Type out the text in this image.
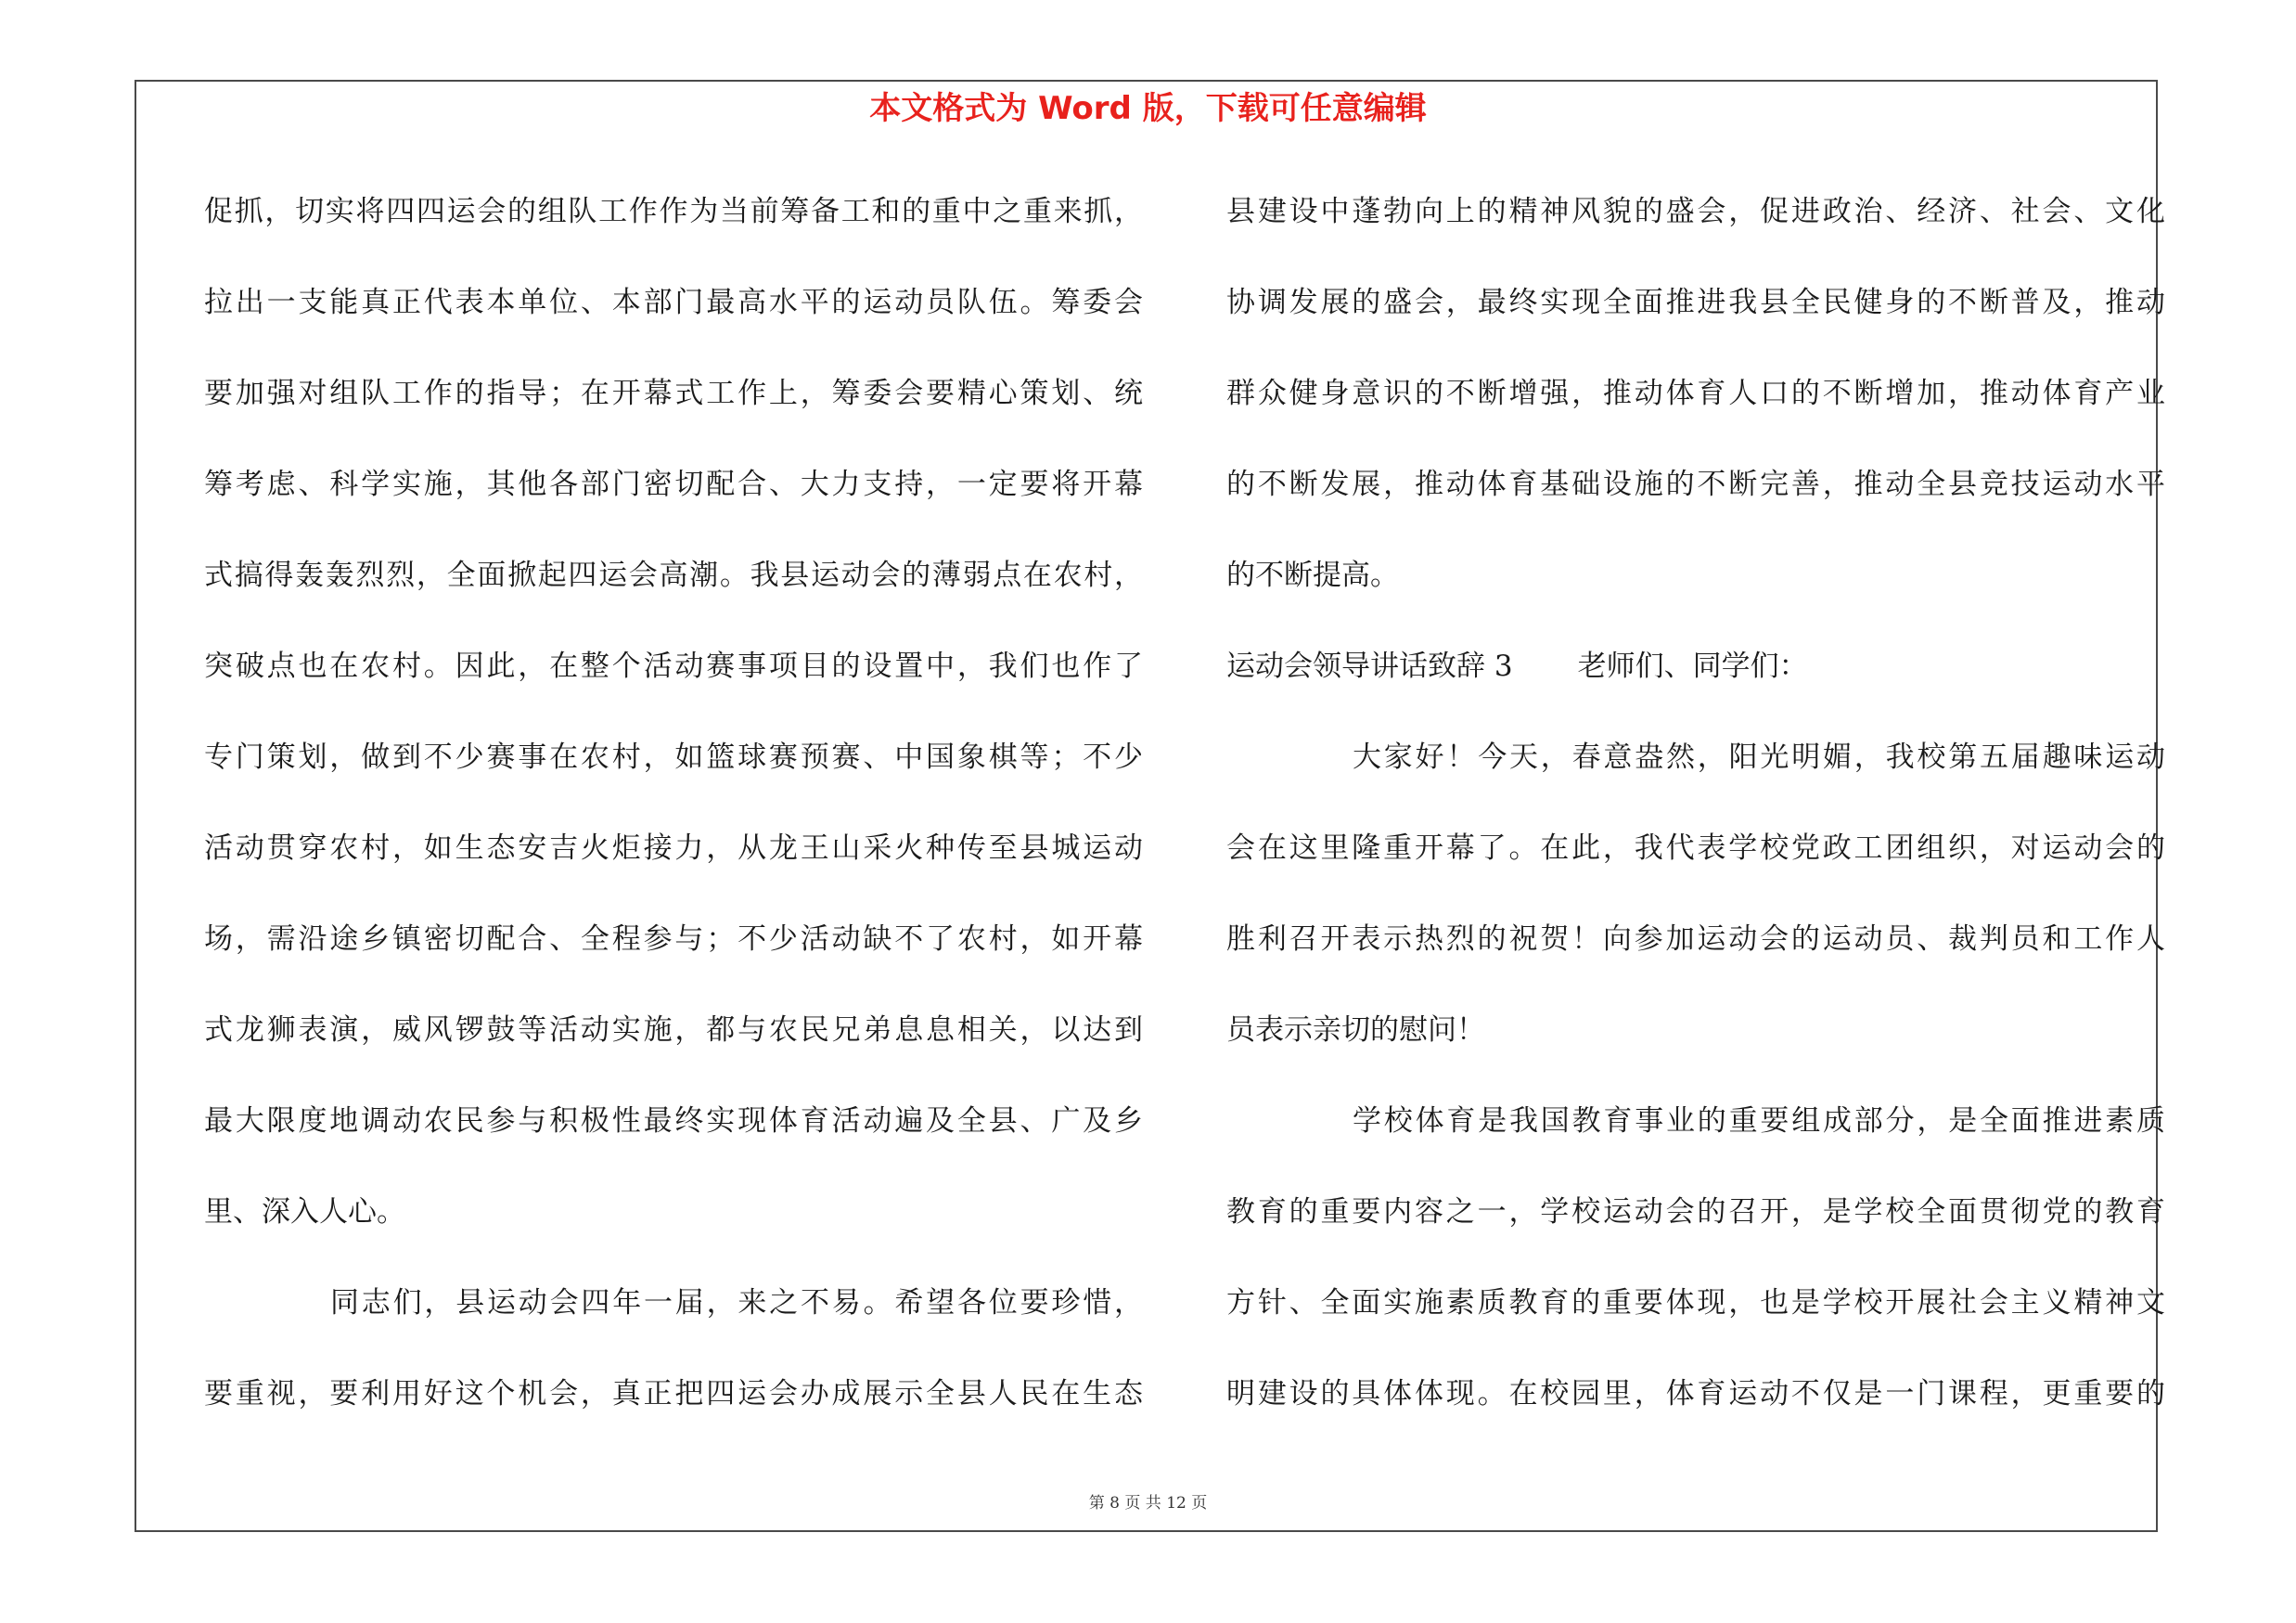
本文格式为 Word 版，下载可任意编辑
促抓，切实将四四运会的组队工作作为当前筹备工和的重中之重来抓，
拉出一支能真正代表本单位、本部门最高水平的运动员队伍。筹委会
要加强对组队工作的指导；在开幕式工作上，筹委会要精心策划、统
筹考虑、科学实施，其他各部门密切配合、大力支持，一定要将开幕
式搞得轰轰烈烈，全面掀起四运会高潮。我县运动会的薄弱点在农村，
突破点也在农村。因此，在整个活动赛事项目的设置中，我们也作了
专门策划，做到不少赛事在农村，如篮球赛预赛、中国象棋等；不少
活动贯穿农村，如生态安吉火炬接力，从龙王山采火种传至县城运动
场，需沿途乡镇密切配合、全程参与；不少活动缺不了农村，如开幕
式龙狮表演，威风锣鼓等活动实施，都与农民兄弟息息相关，以达到
最大限度地调动农民参与积极性最终实现体育活动遍及全县、广及乡
里、深入人心。
同志们，县运动会四年一届，来之不易。希望各位要珍惜，
要重视，要利用好这个机会，真正把四运会办成展示全县人民在生态
县建设中蓬勃向上的精神风貌的盛会，促进政治、经济、社会、文化
协调发展的盛会，最终实现全面推进我县全民健身的不断普及，推动
群众健身意识的不断增强，推动体育人口的不断增加，推动体育产业
的不断发展，推动体育基础设施的不断完善，推动全县竞技运动水平
的不断提高。
运动会领导讲话致辞 3 老师们、同学们：
大家好！今天，春意盎然，阳光明媚，我校第五届趣味运动
会在这里隆重开幕了。在此，我代表学校党政工团组织，对运动会的
胜利召开表示热烈的祝贺！向参加运动会的运动员、裁判员和工作人
员表示亲切的慰问！
学校体育是我国教育事业的重要组成部分，是全面推进素质
教育的重要内容之一，学校运动会的召开，是学校全面贯彻党的教育
方针、全面实施素质教育的重要体现，也是学校开展社会主义精神文
明建设的具体体现。在校园里，体育运动不仅是一门课程，更重要的
第 8 页 共 12 页
